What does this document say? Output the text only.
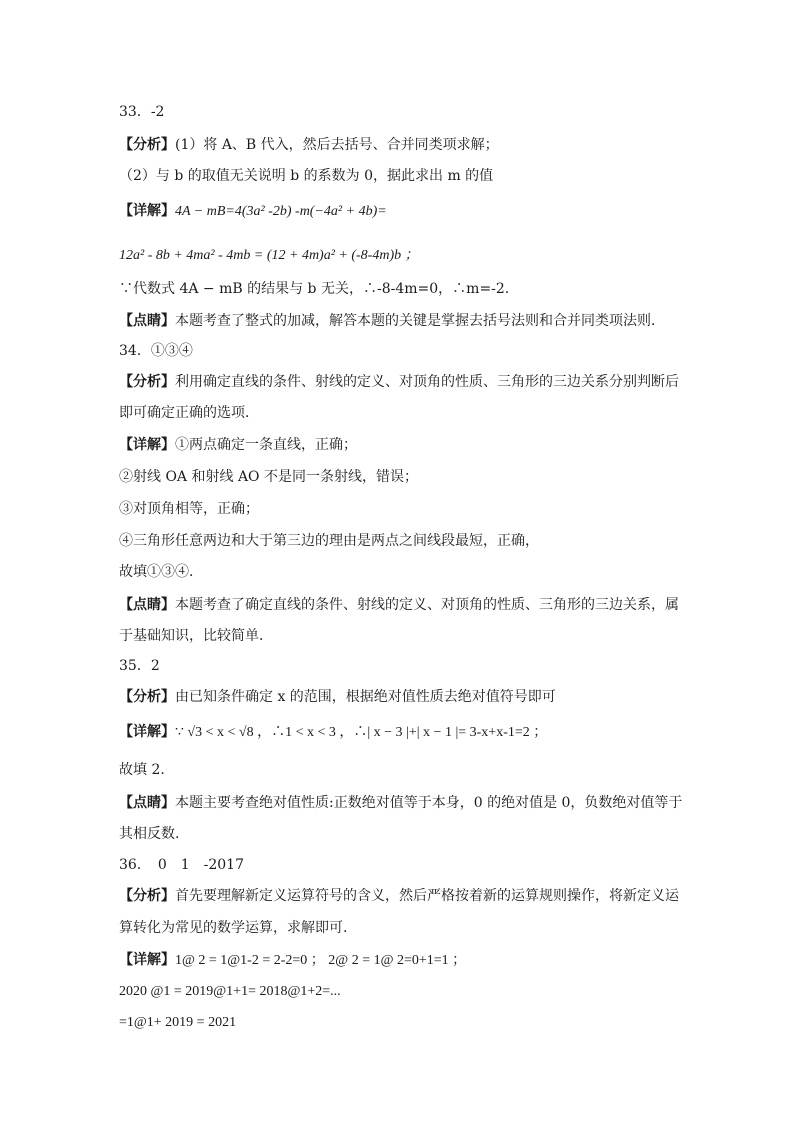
33．-2
【分析】(1）将 A、B 代入，然后去括号、合并同类项求解；
（2）与 b 的取值无关说明 b 的系数为 0，据此求出 m 的值
【详解】4A − mB=4(3a² -2b) -m(−4a² + 4b)=
12a² - 8b + 4ma² - 4mb = (12 + 4m)a² + (-8-4m)b ；
∵代数式 4A − mB 的结果与 b 无关，∴-8-4m=0，∴m=-2.
【点睛】本题考查了整式的加减，解答本题的关键是掌握去括号法则和合并同类项法则．
34．①③④
【分析】利用确定直线的条件、射线的定义、对顶角的性质、三角形的三边关系分别判断后
即可确定正确的选项．
【详解】①两点确定一条直线，正确；
②射线 OA 和射线 AO 不是同一条射线，错误；
③对顶角相等，正确；
④三角形任意两边和大于第三边的理由是两点之间线段最短，正确，
故填①③④.
【点睛】本题考查了确定直线的条件、射线的定义、对顶角的性质、三角形的三边关系，属
于基础知识，比较简单．
35．2
【分析】由已知条件确定 x 的范围，根据绝对值性质去绝对值符号即可
【详解】∵ √3 < x < √8 ，∴1 < x < 3 ，∴| x − 3 |+| x − 1 |= 3-x+x-1=2 ；
故填 2.
【点睛】本题主要考查绝对值性质:正数绝对值等于本身，0 的绝对值是 0，负数绝对值等于
其相反数.
36．　0　1　-2017
【分析】首先要理解新定义运算符号的含义，然后严格按着新的运算规则操作，将新定义运
算转化为常见的数学运算，求解即可.
【详解】1@ 2 = 1@1-2 = 2-2=0 ； 2@ 2 = 1@ 2=0+1=1 ；
2020 @1 = 2019@1+1= 2018@1+2=...
=1@1+ 2019 = 2021
